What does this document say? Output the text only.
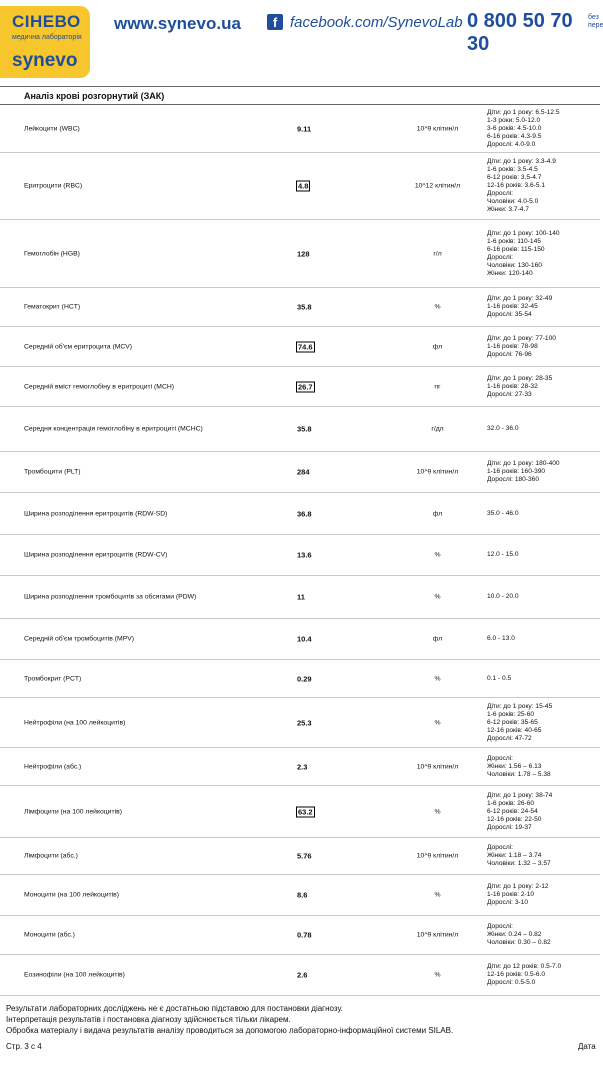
СІНЕВО
медична лабораторія
synevo
www.synevo.ua	f facebook.com/SynevoLab 0 800 50 70 30
без
пере
Аналіз крові розгорнутий (ЗАК)
Лейкоцити (WBC)	9.11	10^9 клітин/л
Діти: до 1 року: 6.5-12.5
1-3 роки: 5.0-12.0
3-6 років: 4.5-10.0
6-16 років: 4.3-9.5
Дорослі: 4.0-9.0
Еритроцити (RBC)	4.8	10^12 клітин/л
Діти: до 1 року: 3.3-4.9
1-6 років: 3.5-4.5
6-12 років: 3.5-4.7
12-16 років: 3.6-5.1
Дорослі:
Чоловіки: 4.0-5.0
Жінки: 3.7-4.7
Гемоглобін (HGB)	128	г/л
Діти: до 1 року: 100-140
1-6 років: 110-145
6-16 років: 115-150
Дорослі:
Чоловіки: 130-160
Жінки: 120-140
Гематокрит (HCT)	35.8	%
Діти: до 1 року: 32-49
1-16 років: 32-45
Дорослі: 35-54
Середній об'єм еритроцита (MCV)	74.6	фл
Діти: до 1 року: 77-100
1-16 років: 78-98
Дорослі: 76-96
Середній вміст гемоглобіну в еритроциті (MCH)	26.7	пг
Діти: до 1 року: 28-35
1-16 років: 28-32
Дорослі: 27-33
Середня концентрація гемоглобіну в еритроциті (MCHC)	35.8	г/дл	32.0 - 36.0
Тромбоцити (PLT)	284	10^9 клітин/л
Діти: до 1 року: 180-400
1-16 років: 160-390
Дорослі: 180-360
Ширина розподілення еритроцитів (RDW-SD)	36.8	фл	35.0 - 46.0
Ширина розподілення еритроцитів (RDW-CV)	13.6	%	12.0 - 15.0
Ширина розподілення тромбоцитів за обсягами (PDW)	11	%	10.0 - 20.0
Середній об'єм тромбоцитів (MPV)	10.4	фл	6.0 - 13.0
Тромбокрит (PCT)	0.29	%	0.1 - 0.5
Нейтрофіли (на 100 лейкоцитів)	25.3	%
Діти: до 1 року: 15-45
1-6 років: 25-60
6-12 років: 35-65
12-16 років: 40-65
Дорослі: 47-72
Нейтрофіли (абс.)	2.3	10^9 клітин/л
Дорослі:
Жінки: 1.56 – 6.13
Чоловіки: 1.78 – 5.38
Лімфоцити (на 100 лейкоцитів)	63.2	%
Діти: до 1 року: 38-74
1-6 років: 26-60
6-12 років: 24-54
12-16 років: 22-50
Дорослі: 19-37
Лімфоцити (абс.)	5.76	10^9 клітин/л
Дорослі:
Жінки: 1.18 – 3.74
Чоловіки: 1.32 – 3.57
Моноцити (на 100 лейкоцитів)	8.6	%
Діти: до 1 року: 2-12
1-16 років: 2-10
Дорослі: 3-10
Моноцити (абс.)	0.78	10^9 клітин/л
Дорослі:
Жінки: 0.24 – 0.82
Чоловіки: 0.30 – 0.82
Еозинофіли (на 100 лейкоцитів)	2.6	%
Діти: до 12 років: 0.5-7.0
12-16 років: 0.5-6.0
Дорослі: 0.5-5.0
Результати лабораторних досліджень не є достатньою підставою для постановки діагнозу.
Інтерпретація результатів і постановка діагнозу здійснюється тільки лікарем.
Обробка матеріалу і видача результатів аналізу проводиться за допомогою лабораторно-інформаційної системи SILAB.
Стр. 3 с 4	Дата
